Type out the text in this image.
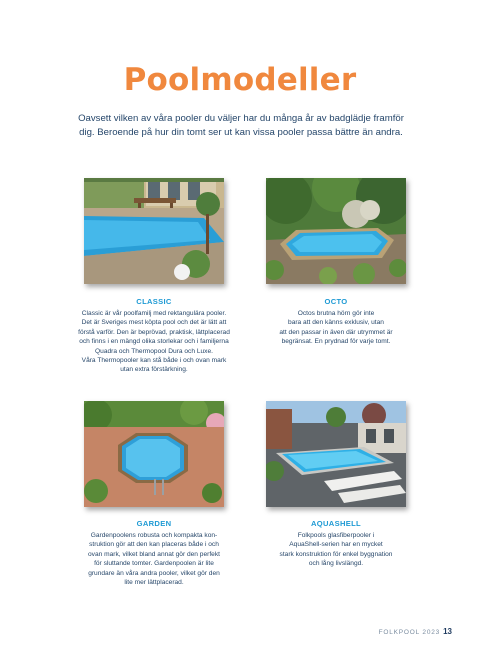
Poolmodeller

Oavsett vilken av våra pooler du väljer har du många år av badglädje framför dig. Beroende på hur din tomt ser ut kan vissa pooler passa bättre än andra.

CLASSIC
Classic är vår poolfamilj med rektangulära pooler.
Det är Sveriges mest köpta pool och det är lätt att
förstå varför. Den är beprövad, praktisk, lättplacerad
och finns i en mängd olika storlekar och i familjerna
Quadra och Thermopool Dura och Luxe.
Våra Thermopooler kan stå både i och ovan mark
utan extra förstärkning.
OCTO
Octos brutna hörn gör inte
bara att den känns exklusiv, utan
att den passar in även där utrymmet är
begränsat. En prydnad för varje tomt.
GARDEN
Gardenpoolens robusta och kompakta kon-
struktion gör att den kan placeras både i och
ovan mark, vilket bland annat gör den perfekt
för sluttande tomter. Gardenpoolen är lite
grundare än våra andra pooler, vilket gör den
lite mer lättplacerad.
AQUASHELL
Folkpools glasfiberpooler i
AquaShell-serien har en mycket
stark konstruktion för enkel byggnation
och lång livslängd.
FOLKPOOL 2023 13
